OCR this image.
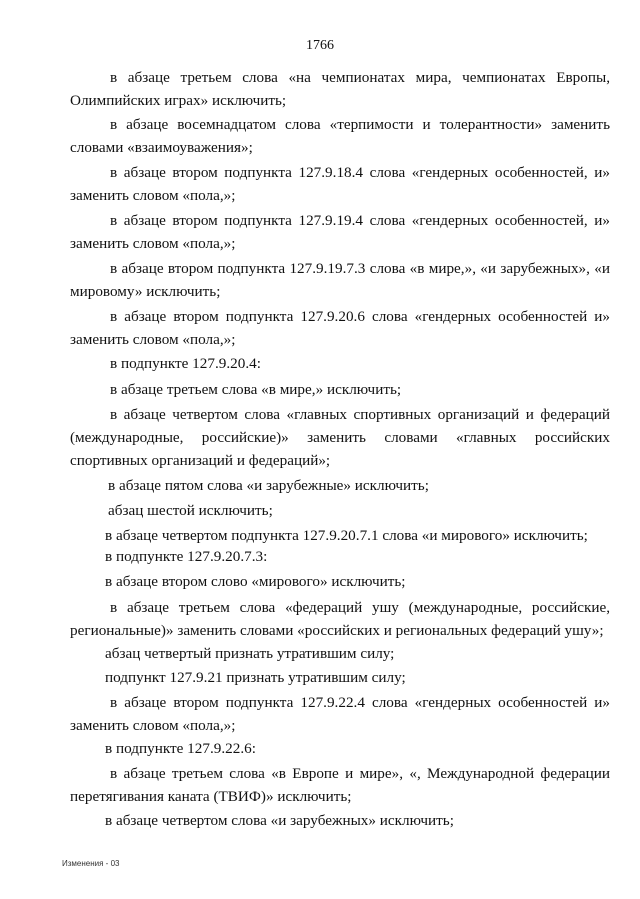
1766

в абзаце третьем слова «на чемпионатах мира, чемпионатах Европы, Олимпийских играх» исключить;

в абзаце восемнадцатом слова «терпимости и толерантности» заменить словами «взаимоуважения»;

в абзаце втором подпункта 127.9.18.4 слова «гендерных особенностей, и» заменить словом «пола,»;

в абзаце втором подпункта 127.9.19.4 слова «гендерных особенностей, и» заменить словом «пола,»;

в абзаце втором подпункта 127.9.19.7.3 слова «в мире,», «и зарубежных», «и мировому» исключить;

в абзаце втором подпункта 127.9.20.6 слова «гендерных особенностей и» заменить словом «пола,»;

в подпункте 127.9.20.4:

в абзаце третьем слова «в мире,» исключить;

в абзаце четвертом слова «главных спортивных организаций и федераций (международные, российские)» заменить словами «главных российских спортивных организаций и федераций»;

в абзаце пятом слова «и зарубежные» исключить;

абзац шестой исключить;

в абзаце четвертом подпункта 127.9.20.7.1 слова «и мирового» исключить;

в подпункте 127.9.20.7.3:

в абзаце втором слово «мирового» исключить;

в абзаце третьем слова «федераций ушу (международные, российские, региональные)» заменить словами «российских и региональных федераций ушу»;

абзац четвертый признать утратившим силу;

подпункт 127.9.21 признать утратившим силу;

в абзаце втором подпункта 127.9.22.4 слова «гендерных особенностей и» заменить словом «пола,»;

в подпункте 127.9.22.6:

в абзаце третьем слова «в Европе и мире», «, Международной федерации перетягивания каната (ТВИФ)» исключить;

в абзаце четвертом слова «и зарубежных» исключить;

Изменения - 03
